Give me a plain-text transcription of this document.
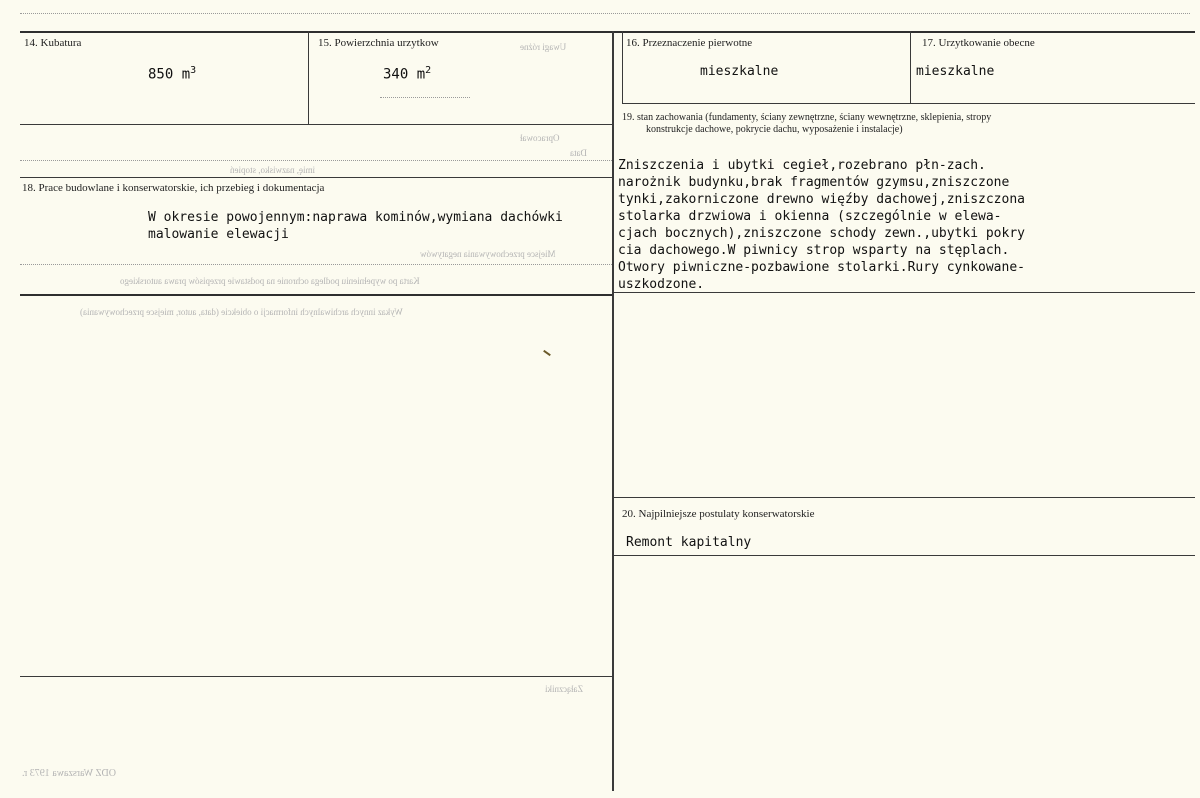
14. Kubatura
850 $m^3$
15. Powierzchnia urzytkow
340 $m^2$
16. Przeznaczenie pierwotne
mieszkalne
17. Urzytkowanie obecne
mieszkalne
18. Prace budowlane i konserwatorskie, ich przebieg i dokumentacja
W okresie powojennym:naprawa kominów,wymiana dachówki
malowanie elewacji
19. stan zachowania (fundamenty, ściany zewnętrzne, ściany wewnętrzne, sklepienia, stropy
konstrukcje dachowe, pokrycie dachu, wyposażenie i instalacje)
Zniszczenia i ubytki cegieł,rozebrano płn-zach.
narożnik budynku,brak fragmentów gzymsu,zniszczone
tynki,zakorniczone drewno więźby dachowej,zniszczona
stolarka drzwiowa i okienna (szczególnie w elewa-
cjach bocznych),zniszczone schody zewn.,ubytki pokry
cia dachowego.W piwnicy strop wsparty na stęplach.
Otwory piwniczne-pozbawione stolarki.Rury cynkowane-
uszkodzone.
20. Najpilniejsze postulaty konserwatorskie
Remont kapitalny
Uwagi różne
Opracował
Data
imię, nazwisko, stopień
Miejsce przechowywania negatywów
Karta po wypełnieniu podlega ochronie na podstawie przepisów prawa autorskiego
Wykaz innych archiwalnych informacji o obiekcie (data, autor, miejsce przechowywania)
Załączniki
ODZ Warszawa 1973 r.
